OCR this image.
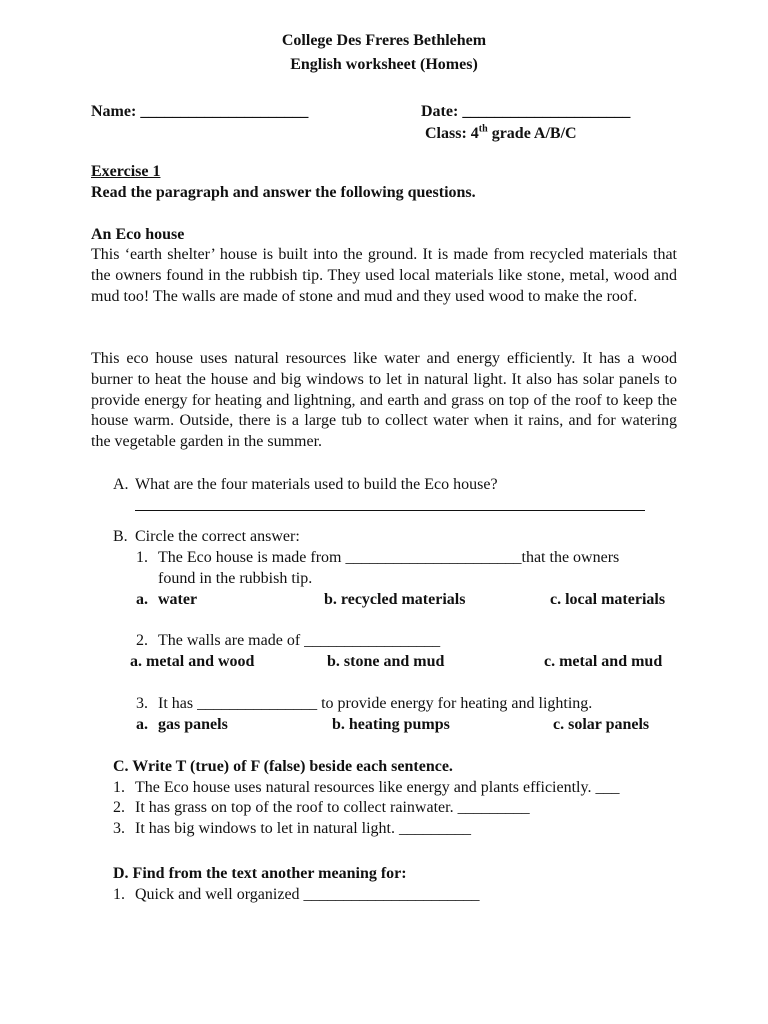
College Des Freres Bethlehem
English worksheet (Homes)
Name: _____________________	Date: _____________________
Class: 4th grade A/B/C
Exercise 1
Read the paragraph and answer the following questions.
An Eco house
This ‘earth shelter’ house is built into the ground. It is made from recycled materials that the owners found in the rubbish tip. They used local materials like stone, metal, wood and mud too! The walls are made of stone and mud and they used wood to make the roof.
This eco house uses natural resources like water and energy efficiently. It has a wood burner to heat the house and big windows to let in natural light. It also has solar panels to provide energy for heating and lightning, and earth and grass on top of the roof to keep the house warm. Outside, there is a large tub to collect water when it rains, and for watering the vegetable garden in the summer.
A. What are the four materials used to build the Eco house?
B. Circle the correct answer:
1. The Eco house is made from ______________________that the owners
found in the rubbish tip.
a. water	b. recycled materials	c. local materials
2. The walls are made of _________________
a. metal and wood	b. stone and mud	c. metal and mud
3. It has _______________ to provide energy for heating and lighting.
a. gas panels	b. heating pumps	c. solar panels
C. Write T (true) of F (false) beside each sentence.
1. The Eco house uses natural resources like energy and plants efficiently. ___
2. It has grass on top of the roof to collect rainwater. _________
3. It has big windows to let in natural light. _________
D. Find from the text another meaning for:
1. Quick and well organized ______________________
